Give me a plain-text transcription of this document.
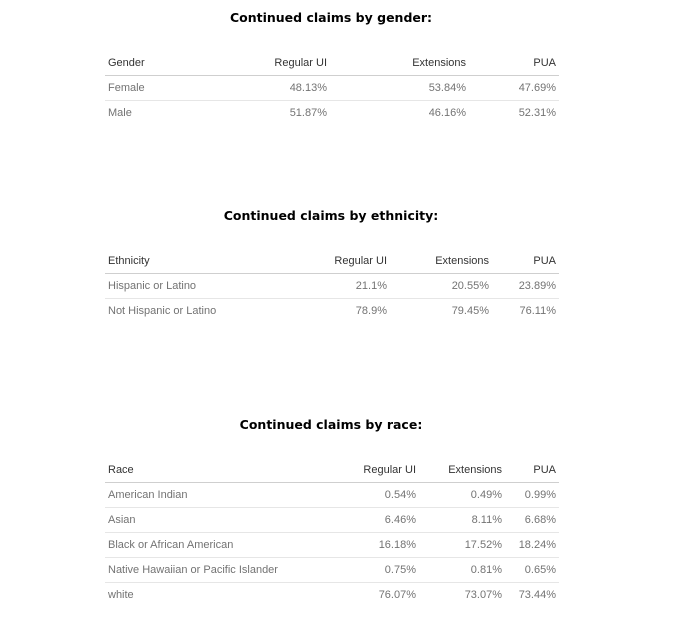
Continued claims by gender:
Gender	Regular UI	Extensions	PUA
Female	48.13%	53.84%	47.69%
Male	51.87%	46.16%	52.31%
Continued claims by ethnicity:
Ethnicity	Regular UI	Extensions	PUA
Hispanic or Latino	21.1%	20.55%	23.89%
Not Hispanic or Latino	78.9%	79.45%	76.11%
Continued claims by race:
Race	Regular UI	Extensions	PUA
American Indian	0.54%	0.49%	0.99%
Asian	6.46%	8.11%	6.68%
Black or African American	16.18%	17.52%	18.24%
Native Hawaiian or Pacific Islander	0.75%	0.81%	0.65%
white	76.07%	73.07%	73.44%
